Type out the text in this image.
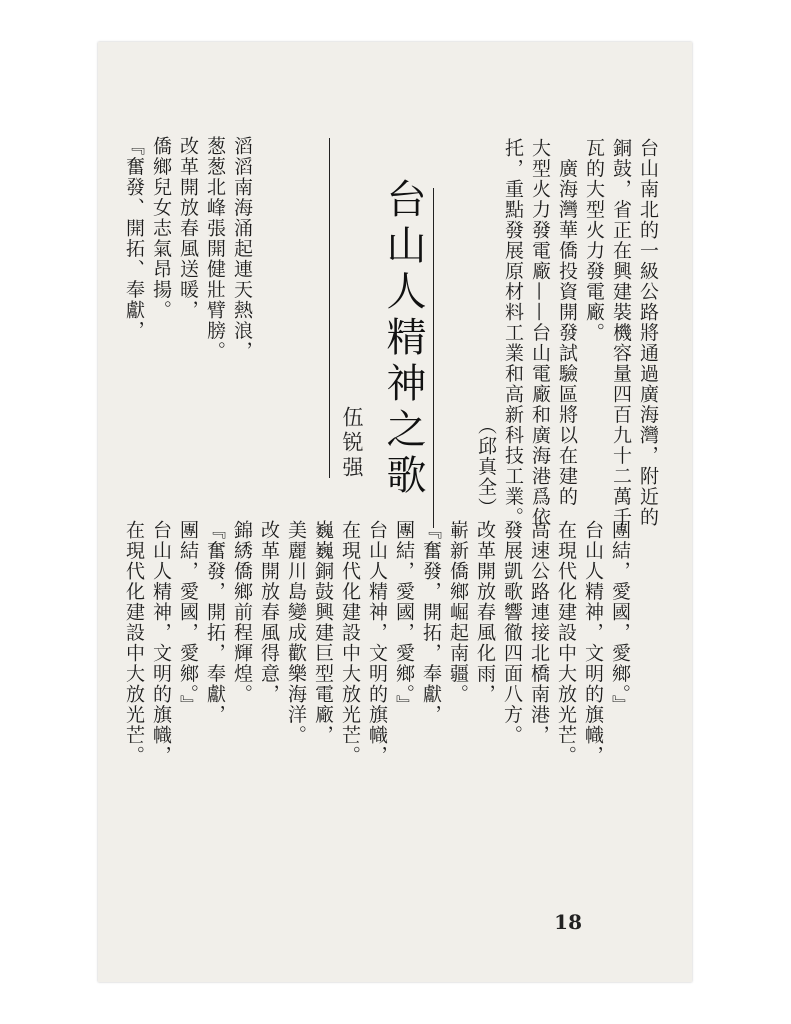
台山南北的一級公路將通過廣海灣，附近的
銅鼓，省正在興建裝機容量四百九十二萬千
瓦的大型火力發電廠。
　廣海灣華僑投資開發試驗區將以在建的
大型火力發電廠——台山電廠和廣海港爲依
托，重點發展原材料工業和高新科技工業。
　　　　　　　　　　　　　　（邱真全）
台山人精神之歌
伍锐强
滔滔南海涌起連天熱浪，
葱葱北峰張開健壯臂膀。
改革開放春風送暖，
僑鄉兒女志氣昂揚。
『奮發、開拓、奉獻，
團結，愛國，愛鄉。』
台山人精神，文明的旗幟，
在現代化建設中大放光芒。
高速公路連接北橋南港，
發展凱歌響徹四面八方。
改革開放春風化雨，
嶄新僑鄉崛起南疆。
『奮發，開拓，奉獻，
團結，愛國，愛鄉。』
台山人精神，文明的旗幟，
在現代化建設中大放光芒。
巍巍銅鼓興建巨型電廠，
美麗川島變成歡樂海洋。
改革開放春風得意，
錦綉僑鄉前程輝煌。
『奮發，開拓，奉獻，
團結，愛國，愛鄉。』
台山人精神，文明的旗幟，
在現代化建設中大放光芒。
18
